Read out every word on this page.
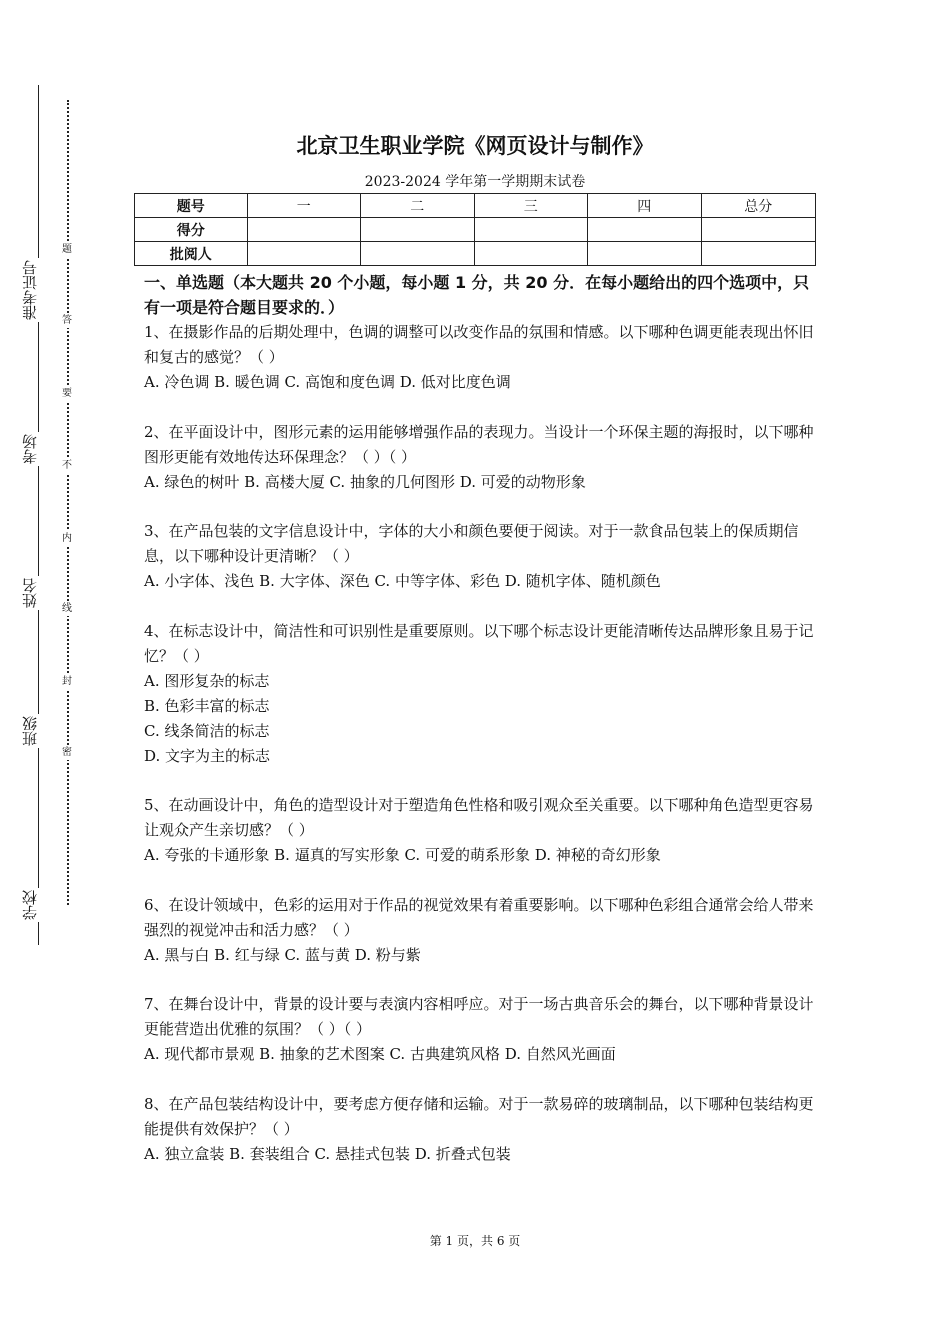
准考证号
考场
姓名
班级
学校
题
答
要
不
内
线
封
密
北京卫生职业学院《网页设计与制作》
2023-2024 学年第一学期期末试卷
题号	一	二	三	四	总分
得分					
批阅人					
一、单选题（本大题共 20 个小题，每小题 1 分，共 20 分．在每小题给出的四个选项中，只有一项是符合题目要求的．）

1、在摄影作品的后期处理中，色调的调整可以改变作品的氛围和情感。以下哪种色调更能表现出怀旧和复古的感觉？（ ）

A. 冷色调 B. 暖色调 C. 高饱和度色调 D. 低对比度色调

2、在平面设计中，图形元素的运用能够增强作品的表现力。当设计一个环保主题的海报时，以下哪种图形更能有效地传达环保理念？（ ）（ ）

A. 绿色的树叶 B. 高楼大厦 C. 抽象的几何图形 D. 可爱的动物形象

3、在产品包装的文字信息设计中，字体的大小和颜色要便于阅读。对于一款食品包装上的保质期信息，以下哪种设计更清晰？（ ）

A. 小字体、浅色 B. 大字体、深色 C. 中等字体、彩色 D. 随机字体、随机颜色

4、在标志设计中，简洁性和可识别性是重要原则。以下哪个标志设计更能清晰传达品牌形象且易于记忆？（ ）

A. 图形复杂的标志

B. 色彩丰富的标志

C. 线条简洁的标志

D. 文字为主的标志

5、在动画设计中，角色的造型设计对于塑造角色性格和吸引观众至关重要。以下哪种角色造型更容易让观众产生亲切感？（ ）

A. 夸张的卡通形象 B. 逼真的写实形象 C. 可爱的萌系形象 D. 神秘的奇幻形象

6、在设计领域中，色彩的运用对于作品的视觉效果有着重要影响。以下哪种色彩组合通常会给人带来强烈的视觉冲击和活力感？（ ）

A. 黑与白 B. 红与绿 C. 蓝与黄 D. 粉与紫

7、在舞台设计中，背景的设计要与表演内容相呼应。对于一场古典音乐会的舞台，以下哪种背景设计更能营造出优雅的氛围？（ ）（ ）

A. 现代都市景观 B. 抽象的艺术图案 C. 古典建筑风格 D. 自然风光画面

8、在产品包装结构设计中，要考虑方便存储和运输。对于一款易碎的玻璃制品，以下哪种包装结构更能提供有效保护？（ ）

A. 独立盒装 B. 套装组合 C. 悬挂式包装 D. 折叠式包装

第 1 页，共 6 页
